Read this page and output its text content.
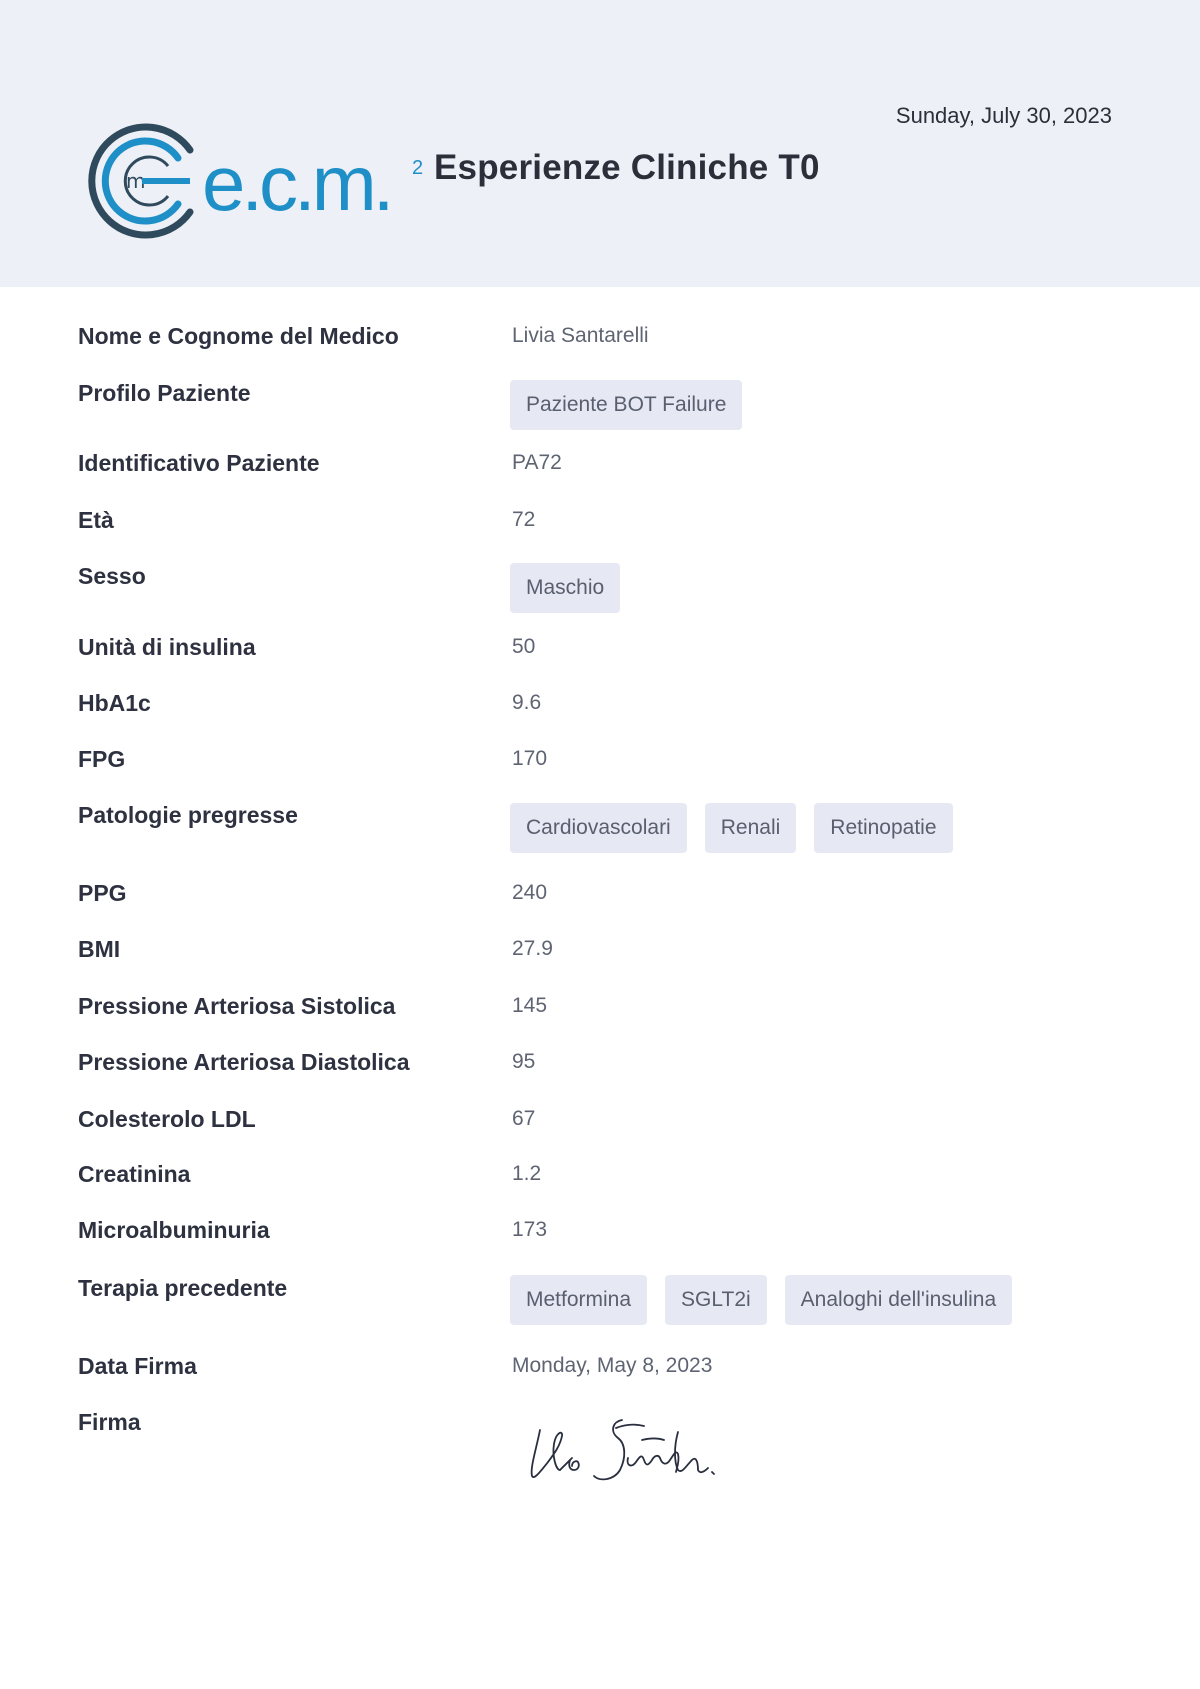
m e.c.m. 2 Esperienze Cliniche T0
Sunday, July 30, 2023
Nome e Cognome del Medico	Livia Santarelli
Profilo Paziente	Paziente BOT Failure
Identificativo Paziente	PA72
Età	72
Sesso	Maschio
Unità di insulina	50
HbA1c	9.6
FPG	170
Patologie pregresse	Cardiovascolari	Renali	Retinopatie
PPG	240
BMI	27.9
Pressione Arteriosa Sistolica	145
Pressione Arteriosa Diastolica	95
Colesterolo LDL	67
Creatinina	1.2
Microalbuminuria	173
Terapia precedente	Metformina	SGLT2i	Analoghi dell'insulina
Data Firma	Monday, May 8, 2023
Firma
